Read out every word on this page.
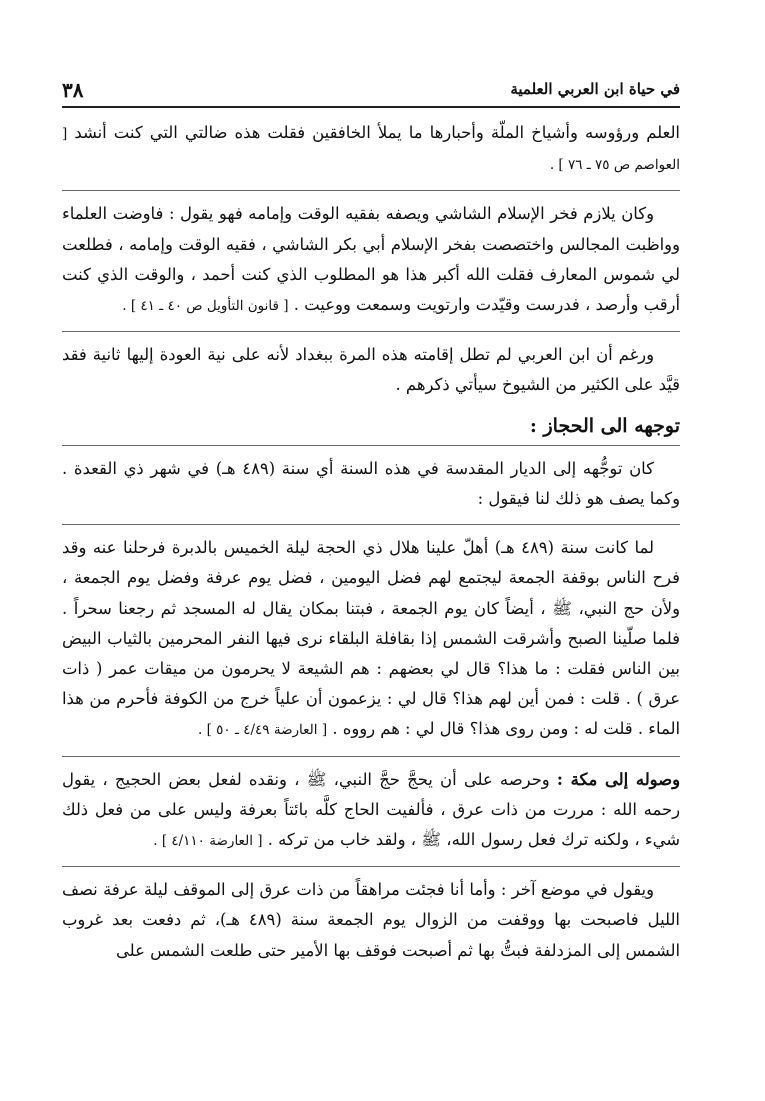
في حياة ابن العربي العلمية
٣٨

العلم ورؤوسه وأشياخ الملّة وأحبارها ما يملأ الخافقين فقلت هذه ضالتي التي كنت أنشد [ العواصم ص ٧٥ ـ ٧٦ ] .

وكان يلازم فخر الإسلام الشاشي ويصفه بفقيه الوقت وإمامه فهو يقول : فاوضت العلماء وواظبت المجالس واختصصت بفخر الإسلام أبي بكر الشاشي ، فقيه الوقت وإمامه ، فطلعت لي شموس المعارف فقلت الله أكبر هذا هو المطلوب الذي كنت أحمد ، والوقت الذي كنت أرقب وأرصد ، فدرست وقيّدت وارتويت وسمعت ووعيت . [ قانون التأويل ص ٤٠ ـ ٤١ ] .

ورغم أن ابن العربي لم تطل إقامته هذه المرة ببغداد لأنه على نية العودة إليها ثانية فقد قيَّد على الكثير من الشيوخ سيأتي ذكرهم .

توجهه الى الحجاز :

كان توجُّهه إلى الديار المقدسة في هذه السنة أي سنة (٤٨٩ هـ) في شهر ذي القعدة . وكما يصف هو ذلك لنا فيقول :

لما كانت سنة (٤٨٩ هـ) أهلّ علينا هلال ذي الحجة ليلة الخميس بالدبرة فرحلنا عنه وقد فرح الناس بوقفة الجمعة ليجتمع لهم فضل اليومين ، فضل يوم عرفة وفضل يوم الجمعة ، ولأن حج النبي، ﷺ ، أيضاً كان يوم الجمعة ، فبتنا بمكان يقال له المسجد ثم رجعنا سحراً . فلما صلّينا الصبح وأشرقت الشمس إذا بقافلة البلقاء نرى فيها النفر المحرمين بالثياب البيض بين الناس فقلت : ما هذا؟ قال لي بعضهم : هم الشيعة لا يحرمون من ميقات عمر ( ذات عرق ) . قلت : فمن أين لهم هذا؟ قال لي : يزعمون أن علياً خرج من الكوفة فأحرم من هذا الماء . قلت له : ومن روى هذا؟ قال لي : هم رووه . [ العارضة ٤/٤٩ ـ ٥٠ ] .

وصوله إلى مكة : وحرصه على أن يحجَّ حجَّ النبي، ﷺ ، ونقده لفعل بعض الحجيج ، يقول رحمه الله : مررت من ذات عرق ، فألفيت الحاج كلَّه بائتاً بعرفة وليس على من فعل ذلك شيء ، ولكنه ترك فعل رسول الله، ﷺ ، ولقد خاب من تركه . [ العارضة ٤/١١٠ ] .

ويقول في موضع آخر : وأما أنا فجئت مراهقاً من ذات عرق إلى الموقف ليلة عرفة نصف الليل فاصبحت بها ووقفت من الزوال يوم الجمعة سنة (٤٨٩ هـ)، ثم دفعت بعد غروب الشمس إلى المزدلفة فبتُّ بها ثم أصبحت فوقف بها الأمير حتى طلعت الشمس على
